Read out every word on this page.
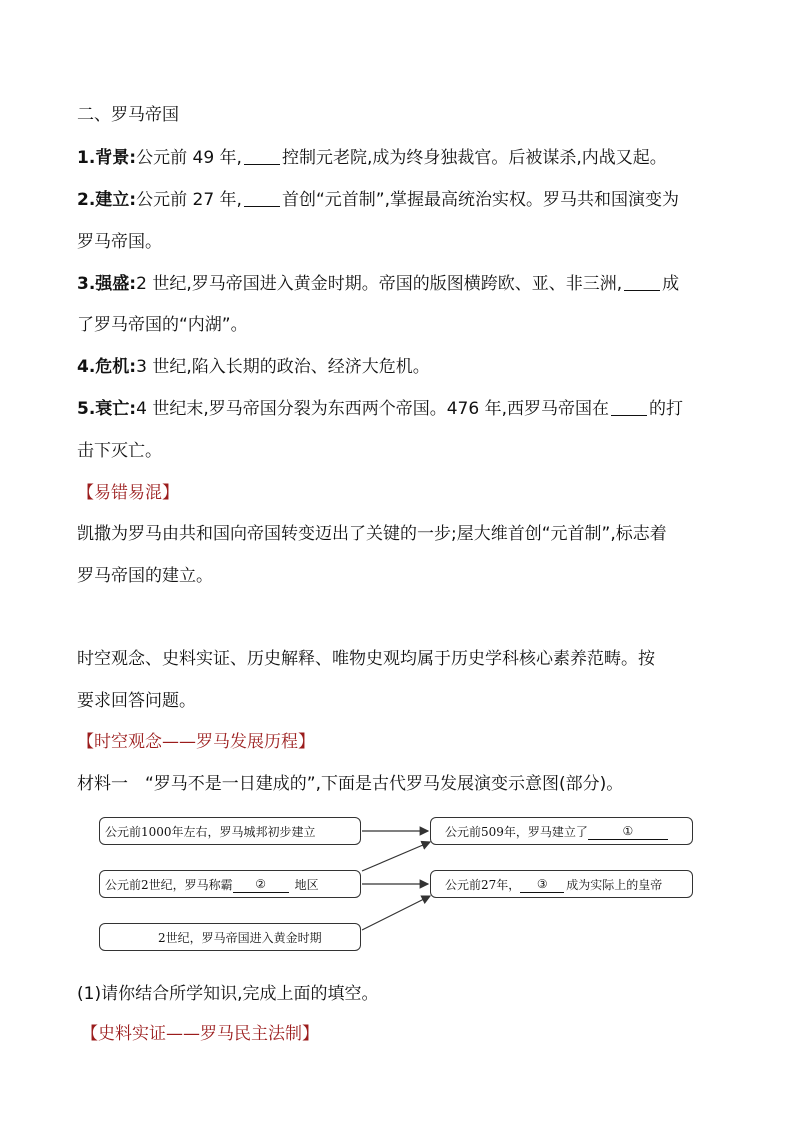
二、罗马帝国
1.背景:公元前 49 年, 控制元老院,成为终身独裁官。后被谋杀,内战又起。
2.建立:公元前 27 年, 首创“元首制”,掌握最高统治实权。罗马共和国演变为
罗马帝国。
3.强盛:2 世纪,罗马帝国进入黄金时期。帝国的版图横跨欧、亚、非三洲, 成
了罗马帝国的“内湖”。
4.危机:3 世纪,陷入长期的政治、经济大危机。
5.衰亡:4 世纪末,罗马帝国分裂为东西两个帝国。476 年,西罗马帝国在 的打
击下灭亡。
【易错易混】
凯撒为罗马由共和国向帝国转变迈出了关键的一步;屋大维首创“元首制”,标志着
罗马帝国的建立。
时空观念、史料实证、历史解释、唯物史观均属于历史学科核心素养范畴。按
要求回答问题。
【时空观念——罗马发展历程】
材料一　“罗马不是一日建成的”,下面是古代罗马发展演变示意图(部分)。
公元前1000年左右，罗马城邦初步建立
公元前2世纪，罗马称霸 ② 地区
2世纪，罗马帝国进入黄金时期
公元前509年，罗马建立了	①
公元前27年， ③ 成为实际上的皇帝
(1)请你结合所学知识,完成上面的填空。
【史料实证——罗马民主法制】
